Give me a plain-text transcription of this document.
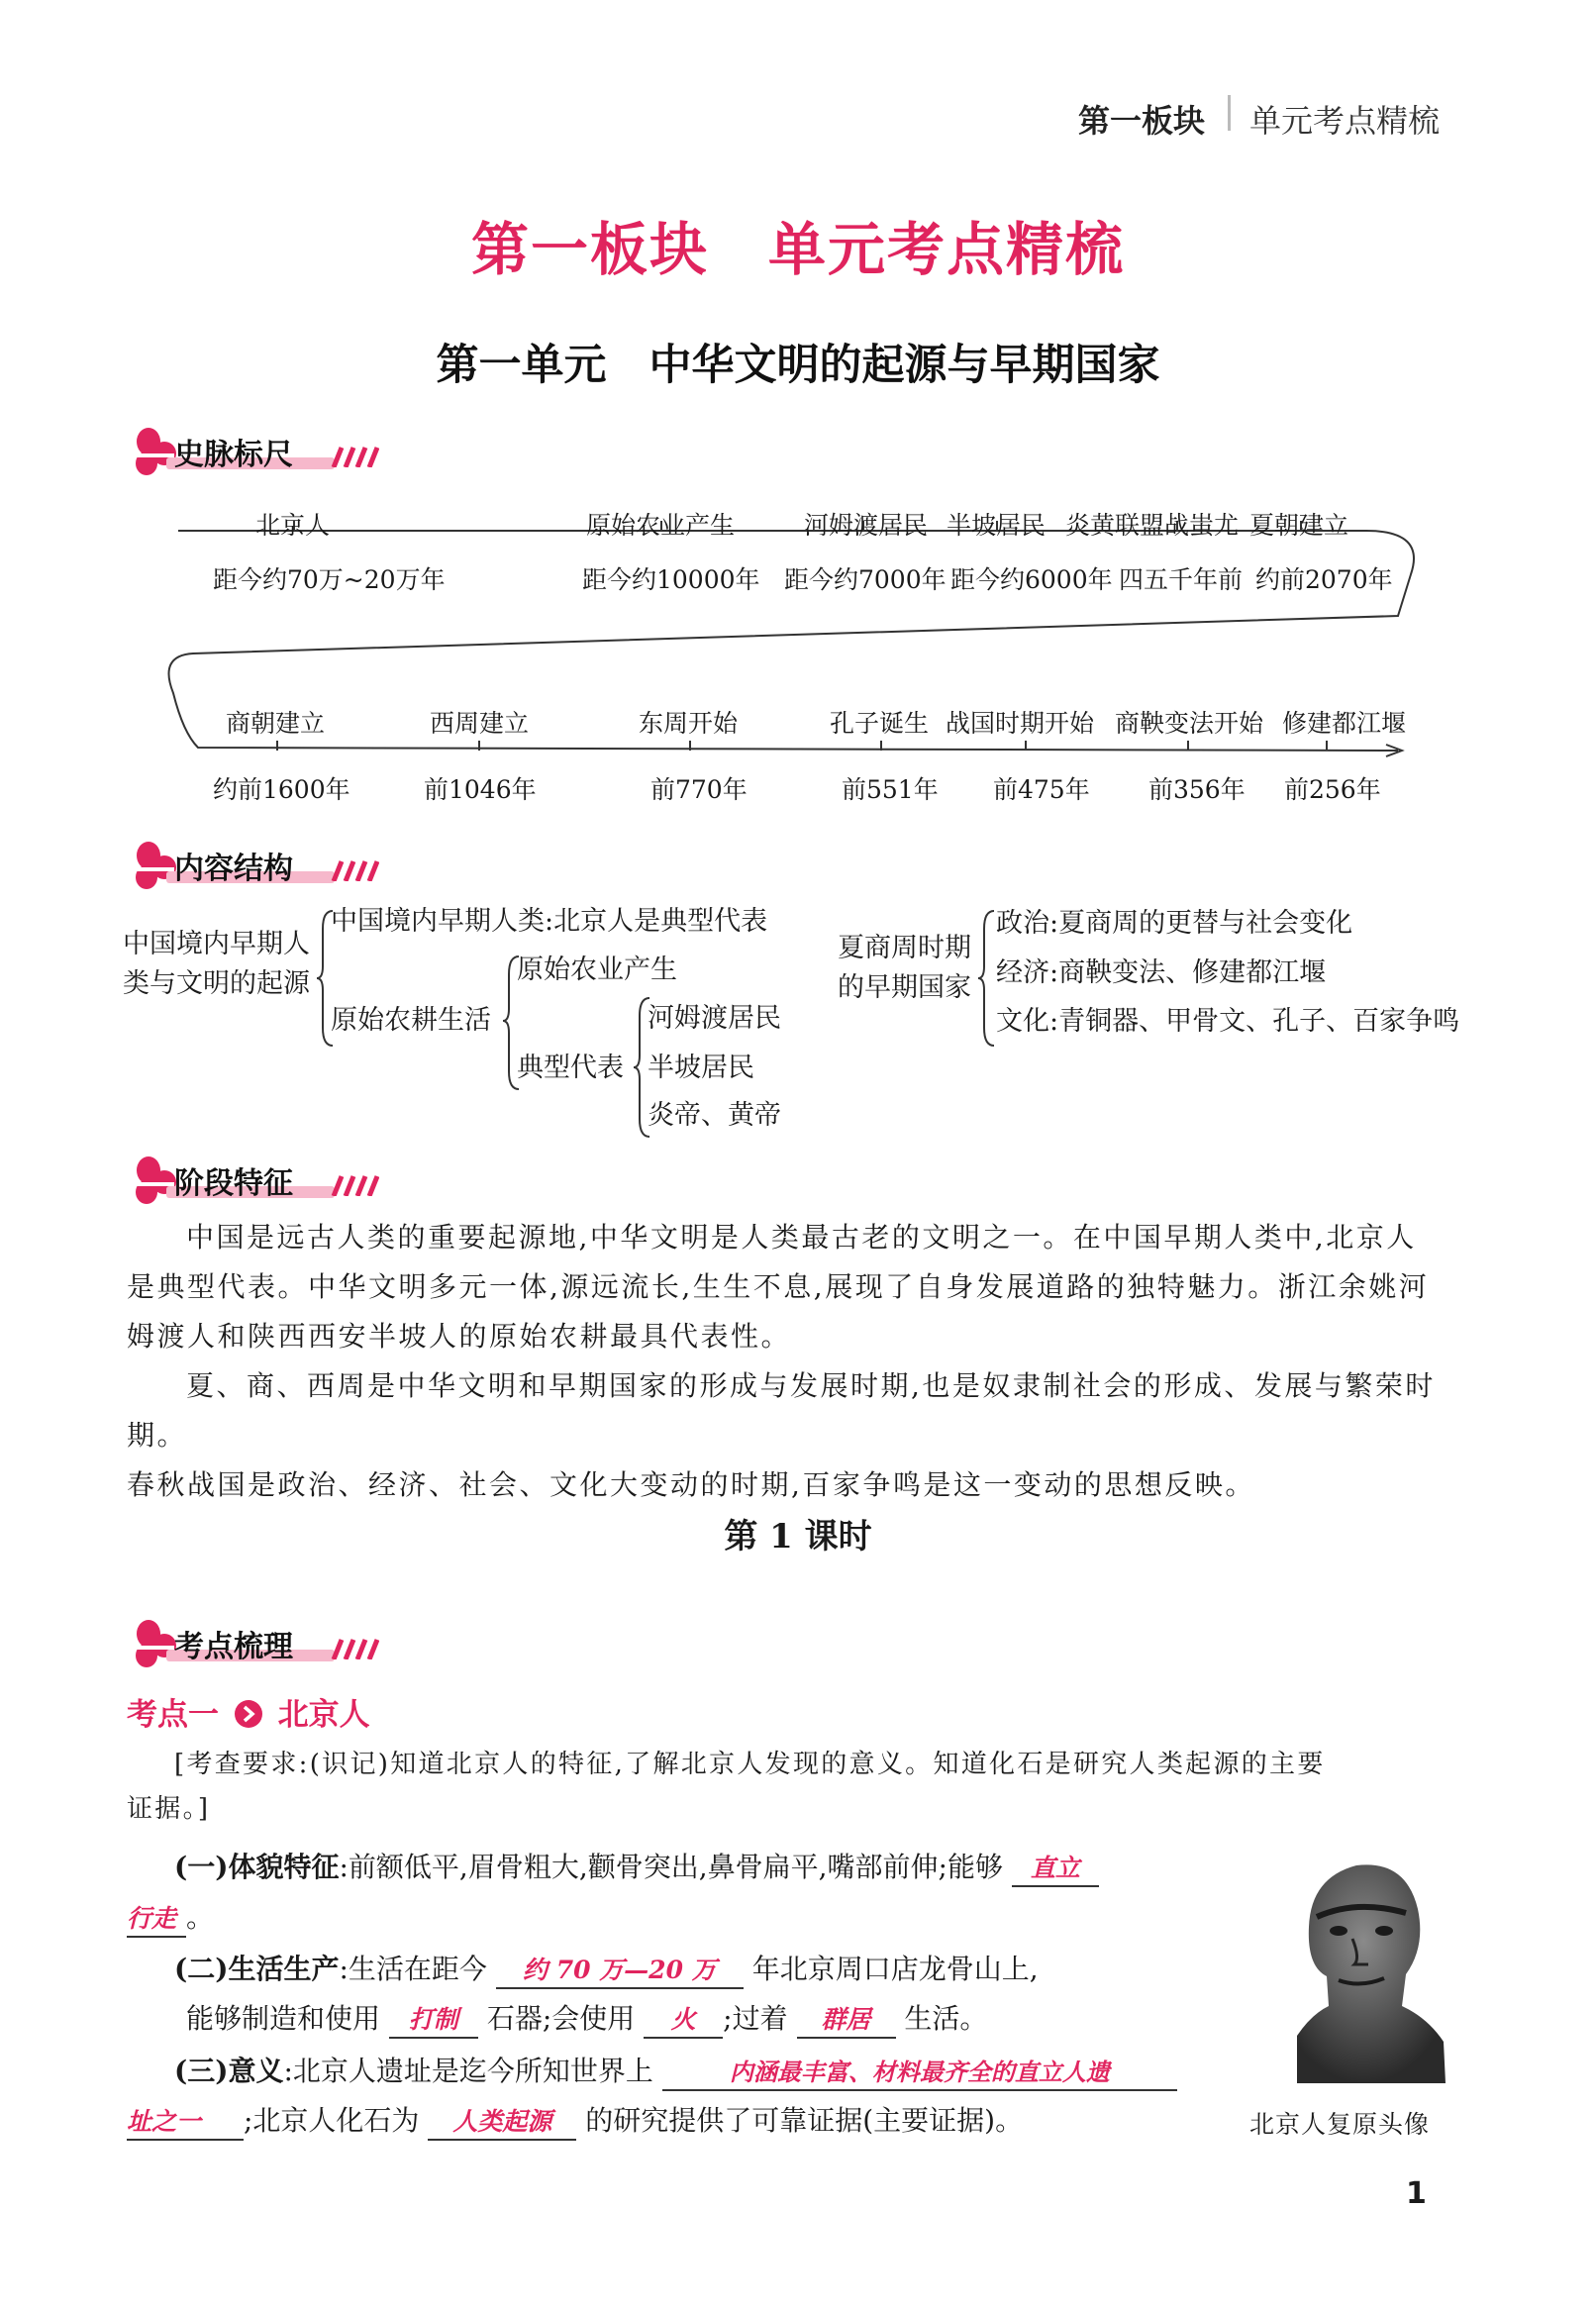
第一板块 单元考点精梳
第一板块　单元考点精梳
第一单元　中华文明的起源与早期国家
史脉标尺
北京人
距今约70万~20万年
原始农业产生
距今约10000年
河姆渡居民
距今约7000年
半坡居民
距今约6000年
炎黄联盟战蚩尤
四五千年前
夏朝建立
约前2070年
商朝建立
约前1600年
西周建立
前1046年
东周开始
前770年
孔子诞生
前551年
战国时期开始
前475年
商鞅变法开始
前356年
修建都江堰
前256年
内容结构
中国境内早期人
类与文明的起源
中国境内早期人类:北京人是典型代表
原始农耕生活
原始农业产生
典型代表
河姆渡居民
半坡居民
炎帝、黄帝
夏商周时期
的早期国家
政治:夏商周的更替与社会变化
经济:商鞅变法、修建都江堰
文化:青铜器、甲骨文、孔子、百家争鸣
阶段特征
中国是远古人类的重要起源地,中华文明是人类最古老的文明之一。在中国早期人类中,北京人
是典型代表。中华文明多元一体,源远流长,生生不息,展现了自身发展道路的独特魅力。浙江余姚河
姆渡人和陕西西安半坡人的原始农耕最具代表性。
夏、商、西周是中华文明和早期国家的形成与发展时期,也是奴隶制社会的形成、发展与繁荣时期。
春秋战国是政治、经济、社会、文化大变动的时期,百家争鸣是这一变动的思想反映。
第 1 课时
考点梳理
考点一 北京人
[考查要求:(识记)知道北京人的特征,了解北京人发现的意义。知道化石是研究人类起源的主要
证据。]
(一)体貌特征:前额低平,眉骨粗大,颧骨突出,鼻骨扁平,嘴部前伸;能够 直立
行走 。
(二)生活生产:生活在距今 约 70 万—20 万 年北京周口店龙骨山上,
能够制造和使用 打制 石器;会使用 火 ;过着 群居 生活。
(三)意义:北京人遗址是迄今所知世界上	内涵最丰富、材料最齐全的直立人遗
址之一 ;北京人化石为 人类起源 的研究提供了可靠证据(主要证据)。	北京人复原头像
1
